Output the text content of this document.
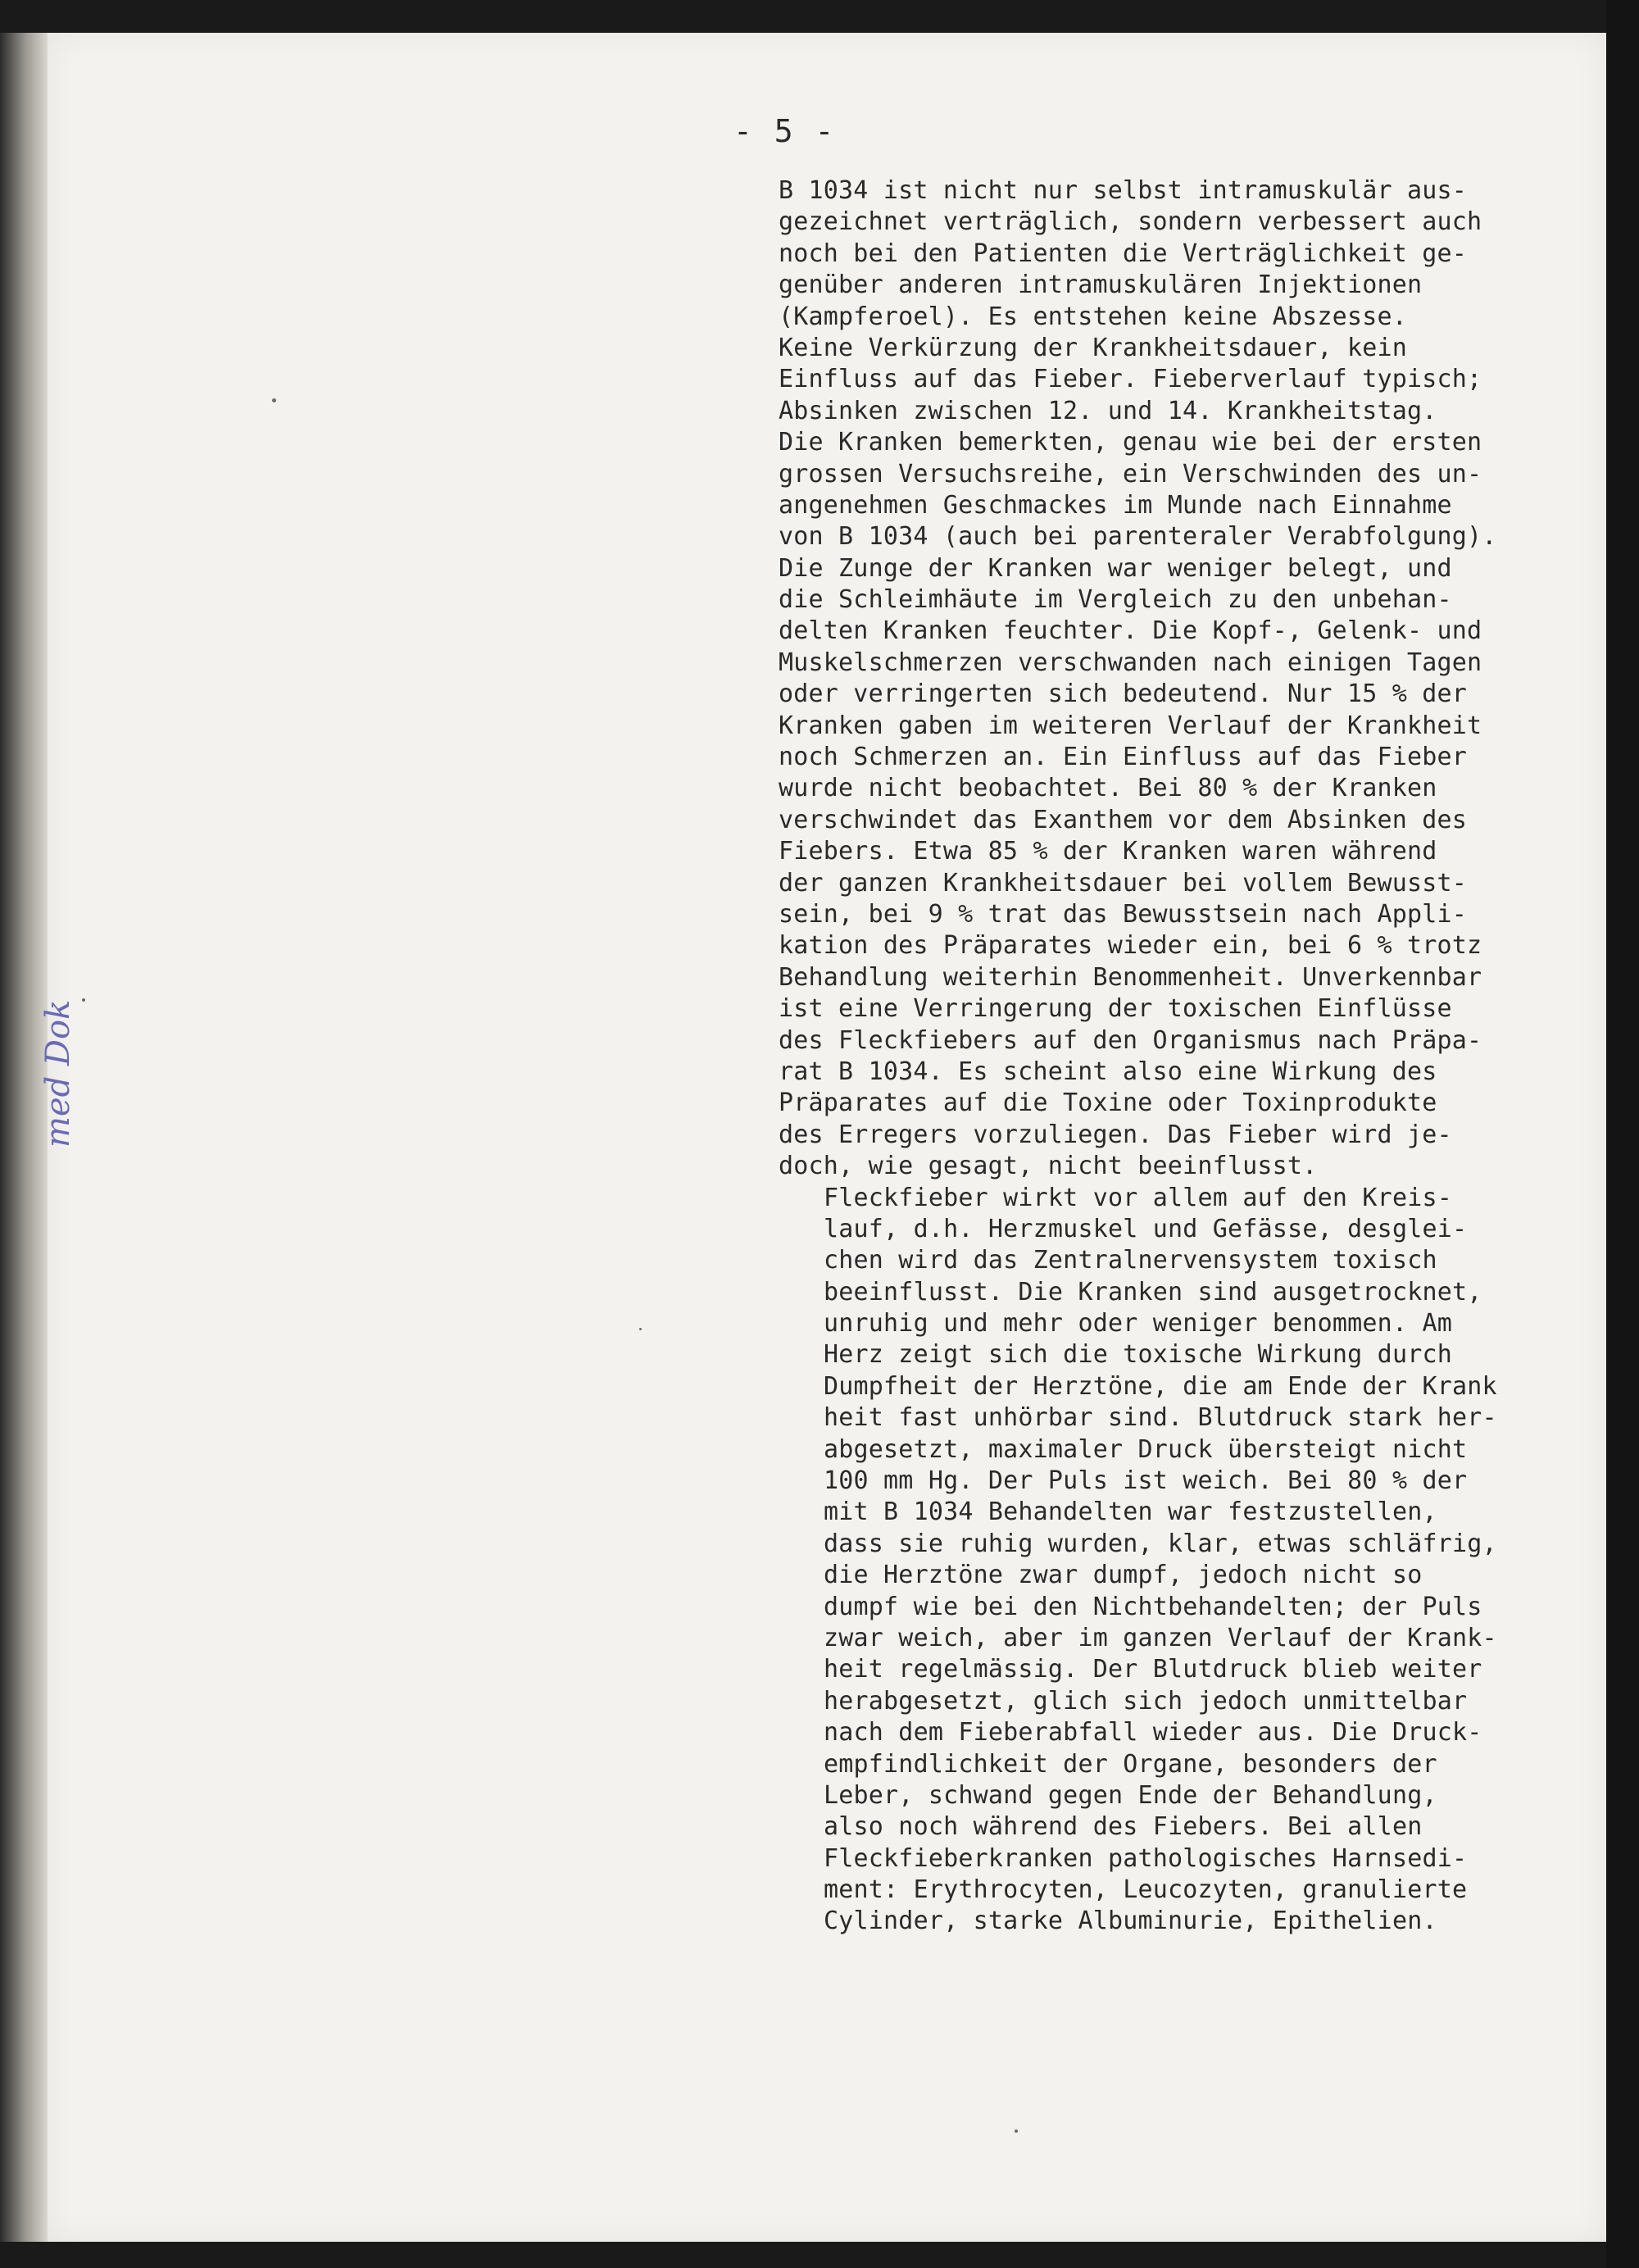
- 5 -
B 1034 ist nicht nur selbst intramuskulär aus-
gezeichnet verträglich, sondern verbessert auch
noch bei den Patienten die Verträglichkeit ge-
genüber anderen intramuskulären Injektionen
(Kampferoel). Es entstehen keine Abszesse.
Keine Verkürzung der Krankheitsdauer, kein
Einfluss auf das Fieber. Fieberverlauf typisch;
Absinken zwischen 12. und 14. Krankheitstag.
Die Kranken bemerkten, genau wie bei der ersten
grossen Versuchsreihe, ein Verschwinden des un-
angenehmen Geschmackes im Munde nach Einnahme
von B 1034 (auch bei parenteraler Verabfolgung).
Die Zunge der Kranken war weniger belegt, und
die Schleimhäute im Vergleich zu den unbehan-
delten Kranken feuchter. Die Kopf-, Gelenk- und
Muskelschmerzen verschwanden nach einigen Tagen
oder verringerten sich bedeutend. Nur 15 % der
Kranken gaben im weiteren Verlauf der Krankheit
noch Schmerzen an. Ein Einfluss auf das Fieber
wurde nicht beobachtet. Bei 80 % der Kranken
verschwindet das Exanthem vor dem Absinken des
Fiebers. Etwa 85 % der Kranken waren während
der ganzen Krankheitsdauer bei vollem Bewusst-
sein, bei 9 % trat das Bewusstsein nach Appli-
kation des Präparates wieder ein, bei 6 % trotz
Behandlung weiterhin Benommenheit. Unverkennbar
ist eine Verringerung der toxischen Einflüsse
des Fleckfiebers auf den Organismus nach Präpa-
rat B 1034. Es scheint also eine Wirkung des
Präparates auf die Toxine oder Toxinprodukte
des Erregers vorzuliegen. Das Fieber wird je-
doch, wie gesagt, nicht beeinflusst.
Fleckfieber wirkt vor allem auf den Kreis-
lauf, d.h. Herzmuskel und Gefässe, desglei-
chen wird das Zentralnervensystem toxisch
beeinflusst. Die Kranken sind ausgetrocknet,
unruhig und mehr oder weniger benommen. Am
Herz zeigt sich die toxische Wirkung durch
Dumpfheit der Herztöne, die am Ende der Krank
heit fast unhörbar sind. Blutdruck stark her-
abgesetzt, maximaler Druck übersteigt nicht
100 mm Hg. Der Puls ist weich. Bei 80 % der
mit B 1034 Behandelten war festzustellen,
dass sie ruhig wurden, klar, etwas schläfrig,
die Herztöne zwar dumpf, jedoch nicht so
dumpf wie bei den Nichtbehandelten; der Puls
zwar weich, aber im ganzen Verlauf der Krank-
heit regelmässig. Der Blutdruck blieb weiter
herabgesetzt, glich sich jedoch unmittelbar
nach dem Fieberabfall wieder aus. Die Druck-
empfindlichkeit der Organe, besonders der
Leber, schwand gegen Ende der Behandlung,
also noch während des Fiebers. Bei allen
Fleckfieberkranken pathologisches Harnsedi-
ment: Erythrocyten, Leucozyten, granulierte
Cylinder, starke Albuminurie, Epithelien.
med Dok
